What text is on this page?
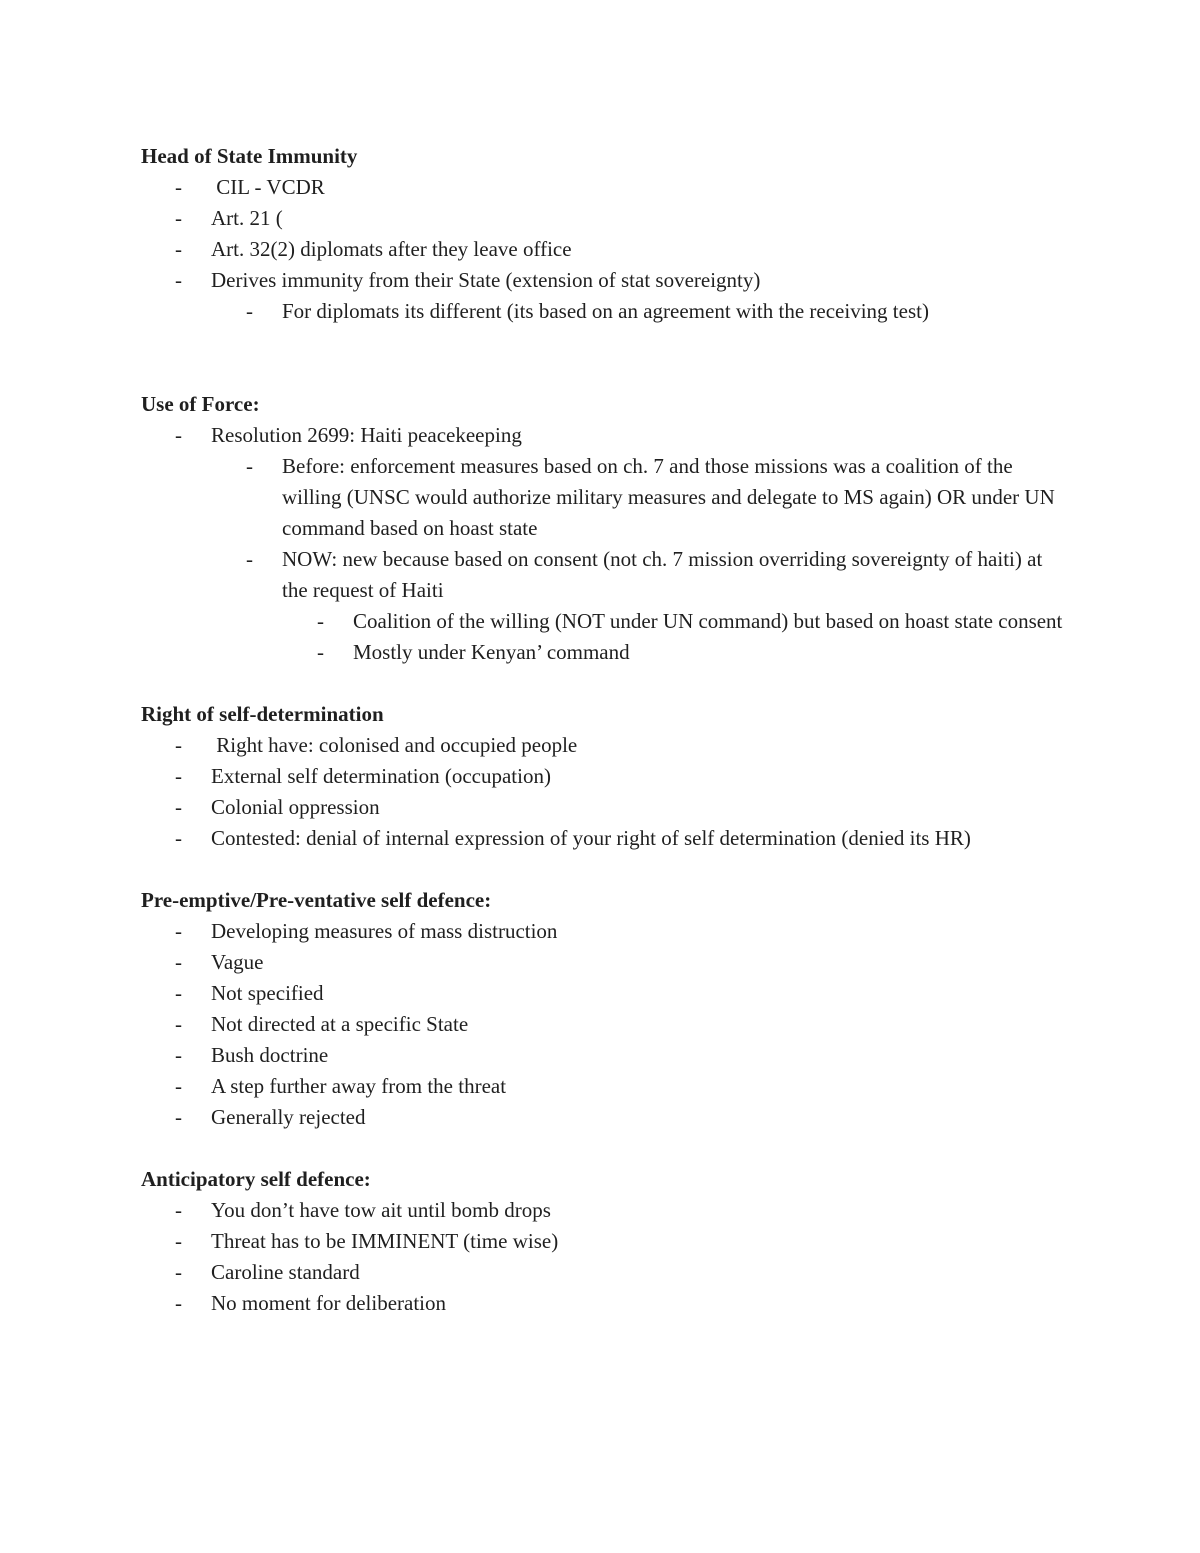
Head of State Immunity
- CIL - VCDR
- Art. 21 (
- Art. 32(2) diplomats after they leave office
- Derives immunity from their State (extension of stat sovereignty)
- For diplomats its different (its based on an agreement with the receiving test)
Use of Force:
- Resolution 2699: Haiti peacekeeping
- Before: enforcement measures based on ch. 7 and those missions was a coalition of the willing (UNSC would authorize military measures and delegate to MS again) OR under UN command based on hoast state
- NOW: new because based on consent (not ch. 7 mission overriding sovereignty of haiti) at the request of Haiti
- Coalition of the willing (NOT under UN command) but based on hoast state consent
- Mostly under Kenyan’ command
Right of self-determination
- Right have: colonised and occupied people
- External self determination (occupation)
- Colonial oppression
- Contested: denial of internal expression of your right of self determination (denied its HR)
Pre-emptive/Pre-ventative self defence:
- Developing measures of mass distruction
- Vague
- Not specified
- Not directed at a specific State
- Bush doctrine
- A step further away from the threat
- Generally rejected
Anticipatory self defence:
- You don’t have tow ait until bomb drops
- Threat has to be IMMINENT (time wise)
- Caroline standard
- No moment for deliberation
